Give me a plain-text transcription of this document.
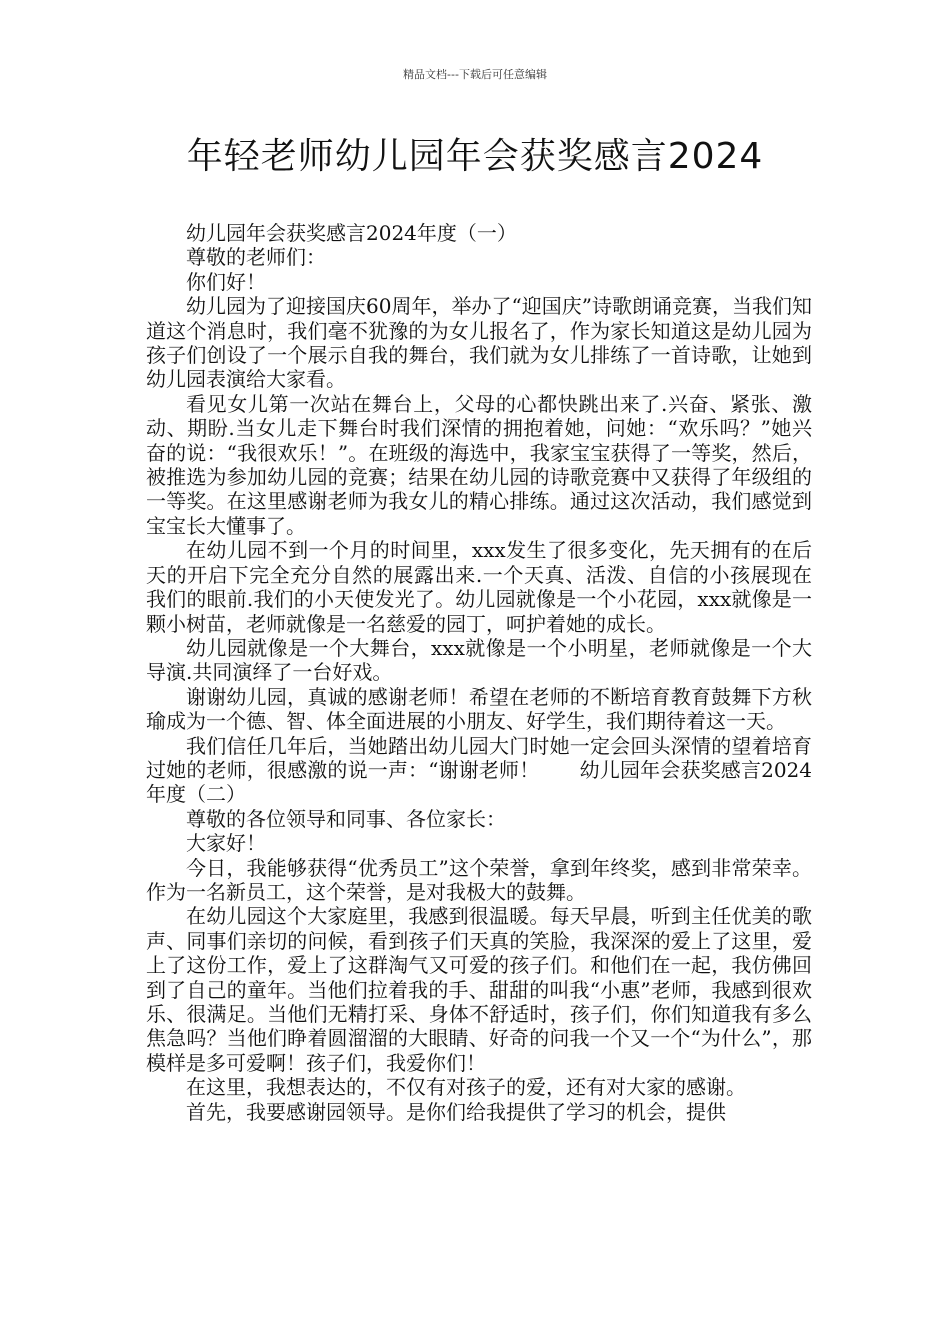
精品文档---下载后可任意编辑
年轻老师幼儿园年会获奖感言2024

幼儿园年会获奖感言2024年度（一）

尊敬的老师们：

你们好！

幼儿园为了迎接国庆60周年，举办了“迎国庆”诗歌朗诵竞赛，当我们知道这个消息时，我们毫不犹豫的为女儿报名了，作为家长知道这是幼儿园为孩子们创设了一个展示自我的舞台，我们就为女儿排练了一首诗歌，让她到幼儿园表演给大家看。

看见女儿第一次站在舞台上，父母的心都快跳出来了.兴奋、紧张、激动、期盼.当女儿走下舞台时我们深情的拥抱着她，问她：“欢乐吗？”她兴奋的说：“我很欢乐！”。在班级的海选中，我家宝宝获得了一等奖，然后，被推选为参加幼儿园的竞赛；结果在幼儿园的诗歌竞赛中又获得了年级组的一等奖。在这里感谢老师为我女儿的精心排练。通过这次活动，我们感觉到宝宝长大懂事了。

在幼儿园不到一个月的时间里，xxx发生了很多变化，先天拥有的在后天的开启下完全充分自然的展露出来.一个天真、活泼、自信的小孩展现在我们的眼前.我们的小天使发光了。幼儿园就像是一个小花园，xxx就像是一颗小树苗，老师就像是一名慈爱的园丁，呵护着她的成长。

幼儿园就像是一个大舞台，xxx就像是一个小明星，老师就像是一个大导演.共同演绎了一台好戏。

谢谢幼儿园，真诚的感谢老师！希望在老师的不断培育教育鼓舞下方秋瑜成为一个德、智、体全面进展的小朋友、好学生，我们期待着这一天。

我们信任几年后，当她踏出幼儿园大门时她一定会回头深情的望着培育过她的老师，很感激的说一声：“谢谢老师！　　幼儿园年会获奖感言2024年度（二）

尊敬的各位领导和同事、各位家长：

大家好！

今日，我能够获得“优秀员工”这个荣誉，拿到年终奖，感到非常荣幸。作为一名新员工，这个荣誉，是对我极大的鼓舞。

在幼儿园这个大家庭里，我感到很温暖。每天早晨，听到主任优美的歌声、同事们亲切的问候，看到孩子们天真的笑脸，我深深的爱上了这里，爱上了这份工作，爱上了这群淘气又可爱的孩子们。和他们在一起，我仿佛回到了自己的童年。当他们拉着我的手、甜甜的叫我“小惠”老师，我感到很欢乐、很满足。当他们无精打采、身体不舒适时，孩子们，你们知道我有多么焦急吗？当他们睁着圆溜溜的大眼睛、好奇的问我一个又一个“为什么”，那模样是多可爱啊！孩子们，我爱你们！

在这里，我想表达的，不仅有对孩子的爱，还有对大家的感谢。

首先，我要感谢园领导。是你们给我提供了学习的机会，提供
